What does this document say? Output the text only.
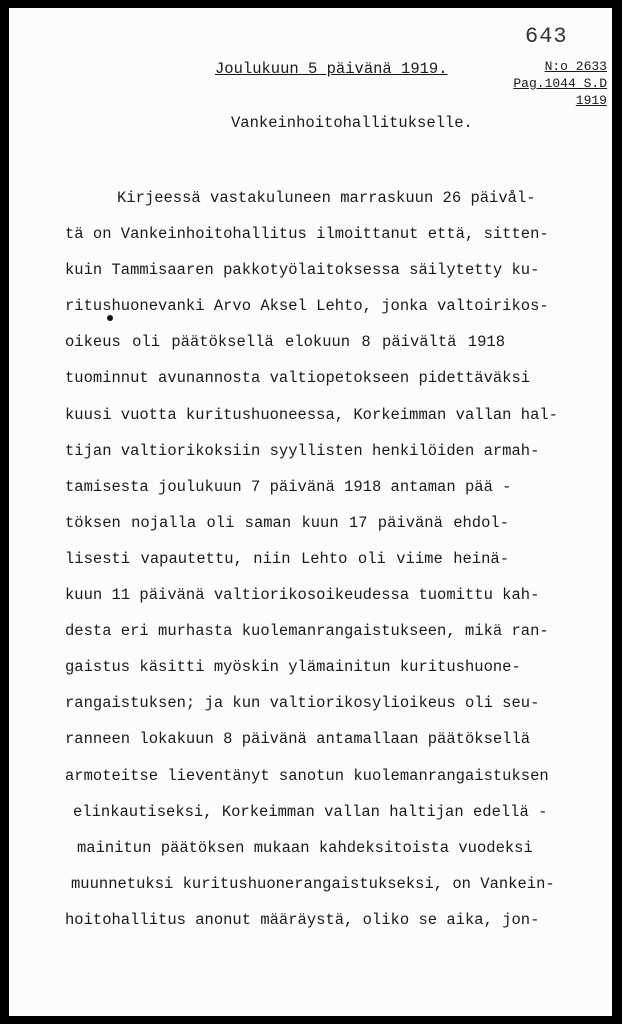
643
Joulukuun 5 päivänä 1919.	N:o 2633
Pag.1044 S.D
1919
Vankeinhoitohallitukselle.
Kirjeessä vastakuluneen marraskuun 26 päivål-
tä on Vankeinhoitohallitus ilmoittanut että, sitten-
kuin Tammisaaren pakkotyölaitoksessa säilytetty ku-
ritushuonevanki Arvo Aksel Lehto, jonka valtoirikos-
oikeus oli päätöksellä elokuun 8 päivältä 1918
tuominnut avunannosta valtiopetokseen pidettäväksi
kuusi vuotta kuritushuoneessa, Korkeimman vallan hal-
tijan valtiorikoksiin syyllisten henkilöiden armah-
tamisesta joulukuun 7 päivänä 1918 antaman pää -
töksen nojalla oli saman kuun 17 päivänä ehdol-
lisesti vapautettu, niin Lehto oli viime heinä-
kuun 11 päivänä valtiorikosoikeudessa tuomittu kah-
desta eri murhasta kuolemanrangaistukseen, mikä ran-
gaistus käsitti myöskin ylämainitun kuritushuone-
rangaistuksen; ja kun valtiorikosylioikeus oli seu-
ranneen lokakuun 8 päivänä antamallaan päätöksellä
armoteitse lieventänyt sanotun kuolemanrangaistuksen
elinkautiseksi, Korkeimman vallan haltijan edellä -
mainitun päätöksen mukaan kahdeksitoista vuodeksi
muunnetuksi kuritushuonerangaistukseksi, on Vankein-
hoitohallitus anonut määräystä, oliko se aika, jon-
